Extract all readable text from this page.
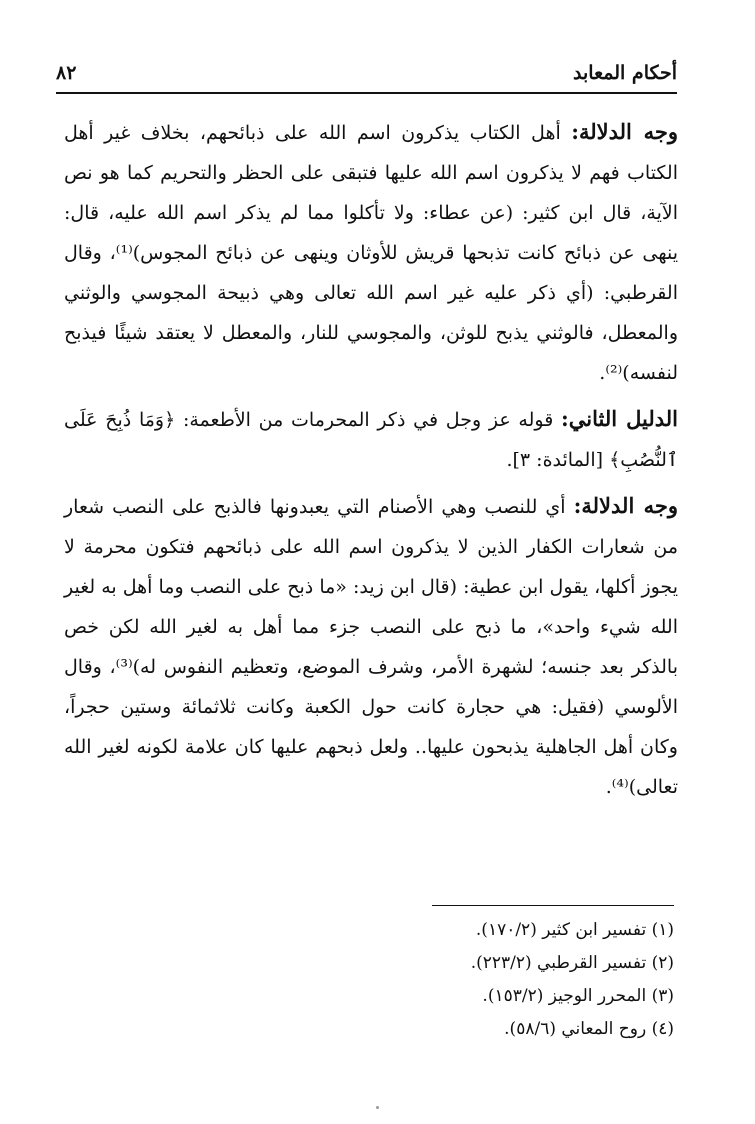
أحكام المعابد
٨٢

وجه الدلالة: أهل الكتاب يذكرون اسم الله على ذبائحهم، بخلاف غير أهل الكتاب فهم لا يذكرون اسم الله عليها فتبقى على الحظر والتحريم كما هو نص الآية، قال ابن كثير: (عن عطاء: ولا تأكلوا مما لم يذكر اسم الله عليه، قال: ينهى عن ذبائح كانت تذبحها قريش للأوثان وينهى عن ذبائح المجوس)⁽¹⁾، وقال القرطبي: (أي ذكر عليه غير اسم الله تعالى وهي ذبيحة المجوسي والوثني والمعطل، فالوثني يذبح للوثن، والمجوسي للنار، والمعطل لا يعتقد شيئًا فيذبح لنفسه)⁽²⁾.

الدليل الثاني: قوله عز وجل في ذكر المحرمات من الأطعمة: ﴿وَمَا ذُبِحَ عَلَى ٱلنُّصُبِ﴾ [المائدة: ٣].

وجه الدلالة: أي للنصب وهي الأصنام التي يعبدونها فالذبح على النصب شعار من شعارات الكفار الذين لا يذكرون اسم الله على ذبائحهم فتكون محرمة لا يجوز أكلها، يقول ابن عطية: (قال ابن زيد: «ما ذبح على النصب وما أهل به لغير الله شيء واحد»، ما ذبح على النصب جزء مما أهل به لغير الله لكن خص بالذكر بعد جنسه؛ لشهرة الأمر، وشرف الموضع، وتعظيم النفوس له)⁽³⁾، وقال الألوسي (فقيل: هي حجارة كانت حول الكعبة وكانت ثلاثمائة وستين حجراً، وكان أهل الجاهلية يذبحون عليها.. ولعل ذبحهم عليها كان علامة لكونه لغير الله تعالى)⁽⁴⁾.

(١) تفسير ابن كثير (١٧٠/٢).

(٢) تفسير القرطبي (٢٢٣/٢).

(٣) المحرر الوجيز (١٥٣/٢).

(٤) روح المعاني (٥٨/٦).
